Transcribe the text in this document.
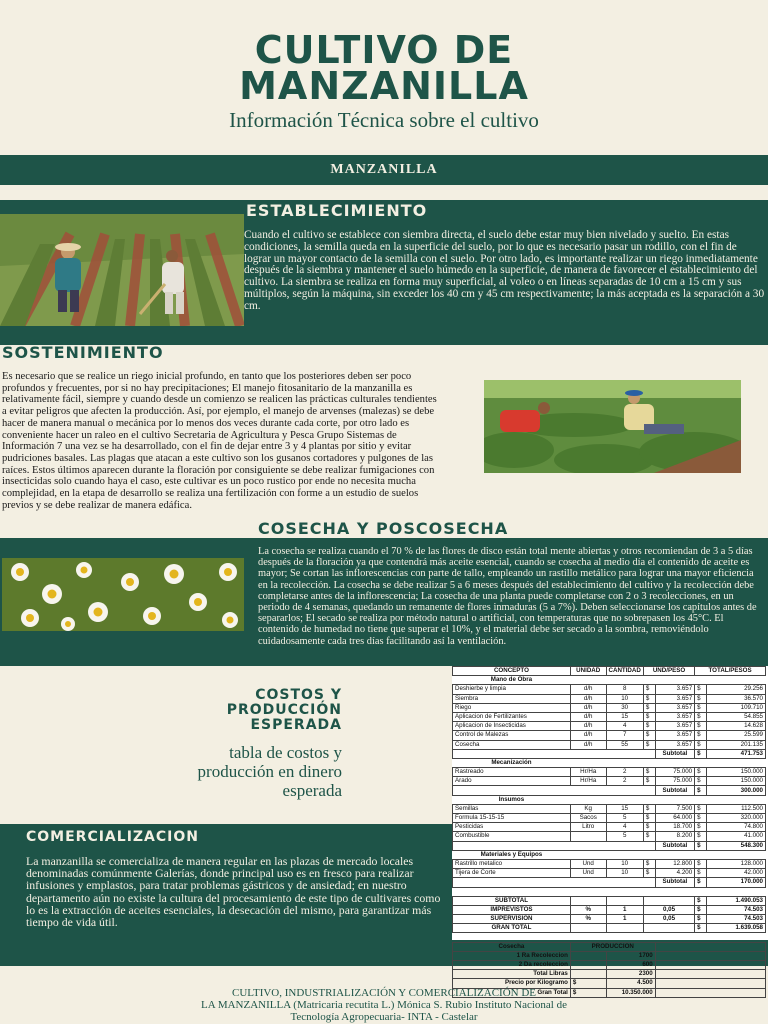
CULTIVO DE
MANZANILLA
Información Técnica sobre el cultivo
MANZANILLA
ESTABLECIMIENTO
Cuando el cultivo se establece con siembra directa, el suelo debe estar muy bien nivelado y suelto. En estas condiciones, la semilla queda en la superficie del suelo, por lo que es necesario pasar un rodillo, con el fin de lograr un mayor contacto de la semilla con el suelo. Por otro lado, es importante realizar un riego inmediatamente después de la siembra y mantener el suelo húmedo en la superficie, de manera de favorecer el establecimiento del cultivo. La siembra se realiza en forma muy superficial, al voleo o en líneas separadas de 10 cm a 15 cm y sus múltiplos, según la máquina, sin exceder los 40 cm y 45 cm respectivamente; la más aceptada es la separación a 30 cm.
SOSTENIMIENTO
Es necesario que se realice un riego inicial profundo, en tanto que los posteriores deben ser poco profundos y frecuentes, por si no hay precipitaciones; El manejo fitosanitario de la manzanilla es relativamente fácil, siempre y cuando desde un comienzo se realicen las prácticas culturales tendientes a evitar peligros que afecten la producción. Así, por ejemplo, el manejo de arvenses (malezas) se debe hacer de manera manual o mecánica por lo menos dos veces durante cada corte, por otro lado es conveniente hacer un raleo en el cultivo Secretaria de Agricultura y Pesca Grupo Sistemas de Información 7 una vez se ha desarrollado, con el fin de dejar entre 3 y 4 plantas por sitio y evitar pudriciones basales. Las plagas que atacan a este cultivo son los gusanos cortadores y pulgones de las raíces. Estos últimos aparecen durante la floración por consiguiente se debe realizar fumigaciones con insecticidas solo cuando haya el caso, este cultivar es un poco rustico por ende no necesita mucha complejidad, en la etapa de desarrollo se realiza una fertilización con forme a un estudio de suelos previos y se debe realizar de manera edáfica.
COSECHA Y POSCOSECHA
La cosecha se realiza cuando el 70 % de las flores de disco están total mente abiertas y otros recomiendan de 3 a 5 días después de la floración ya que contendrá más aceite esencial, cuando se cosecha al medio día el contenido de aceite es mayor; Se cortan las inflorescencias con parte de tallo, empleando un rastillo metálico para lograr una mayor eficiencia en la recolección. La cosecha se debe realizar 5 a 6 meses después del establecimiento del cultivo y la recolección debe completarse antes de la inflorescencia; La cosecha de una planta puede completarse con 2 o 3 recolecciones, en un periodo de 4 semanas, quedando un remanente de flores inmaduras (5 a 7%). Deben seleccionarse los capítulos antes de separarlos; El secado se realiza por método natural o artificial, con temperaturas que no sobrepasen los 45°C. El contenido de humedad no tiene que superar el 10%, y el material debe ser secado a la sombra, removiéndolo cuidadosamente cada tres días facilitando así la ventilación.
COSTOS Y
PRODUCCIÓN
ESPERADA
tabla de costos y
producción en dinero
esperada
COMERCIALIZACION
La manzanilla se comercializa de manera regular en las plazas de mercado locales denominadas comúnmente Galerías, donde principal uso es en fresco para realizar infusiones y emplastos, para tratar problemas gástricos y de ansiedad; en nuestro departamento aún no existe la cultura del procesamiento de este tipo de cultivares como lo es la extracción de aceites esenciales, la desecación del mismo, para garantizar más tiempo de vida útil.
CONCEPTO	UNIDAD	CANTIDAD	UND/PESO		TOTAL/PESOS	
Mano de Obra						
Deshierbe y limpia	d/h	8	$	3.657	$	29.256
Siembra	d/h	10	$	3.657	$	36.570
Riego	d/h	30	$	3.657	$	109.710
Aplicacion de Fertilizantes	d/h	15	$	3.657	$	54.855
Aplicacion de Insecticidas	d/h	4	$	3.657	$	14.628
Control de Malezas	d/h	7	$	3.657	$	25.599
Cosecha	d/h	55	$	3.657	$	201.135
				Subtotal	$	471.753
Mecanización						
Rastreado	Hr/Ha	2	$	75.000	$	150.000
Arado	Hr/Ha	2	$	75.000	$	150.000
				Subtotal	$	300.000
Insumos						
Semillas	Kg	15	$	7.500	$	112.500
Formula 15-15-15	Sacos	5	$	64.000	$	320.000
Pesticidas	Litro	4	$	18.700	$	74.800
Combustible		5	$	8.200	$	41.000
				Subtotal	$	548.300
Materiales y Equipos						
Rastrillo metalico	Und	10	$	12.800	$	128.000
Tijera de Corte	Und	10	$	4.200	$	42.000
				Subtotal	$	170.000

SUBTOTAL					$	1.490.053
IMPREVISTOS	%	1	0,05		$	74.503
SUPERVISION	%	1	0,05		$	74.503
GRAN TOTAL					$	1.639.058

Cosecha	PRODUCCION					
1 Ra Recoleccion		1700				
2 Da recoleccion		600				
Total Libras		2300				
Precio por Kilogramo	$	4.500				
Gran Total	$	10.350.000				
CULTIVO, INDUSTRIALIZACIÓN Y COMERCIALIZACIÓN DE
LA MANZANILLA (Matricaria recutita L.) Mónica S. Rubio Instituto Nacional de
Tecnología Agropecuaria- INTA - Castelar
